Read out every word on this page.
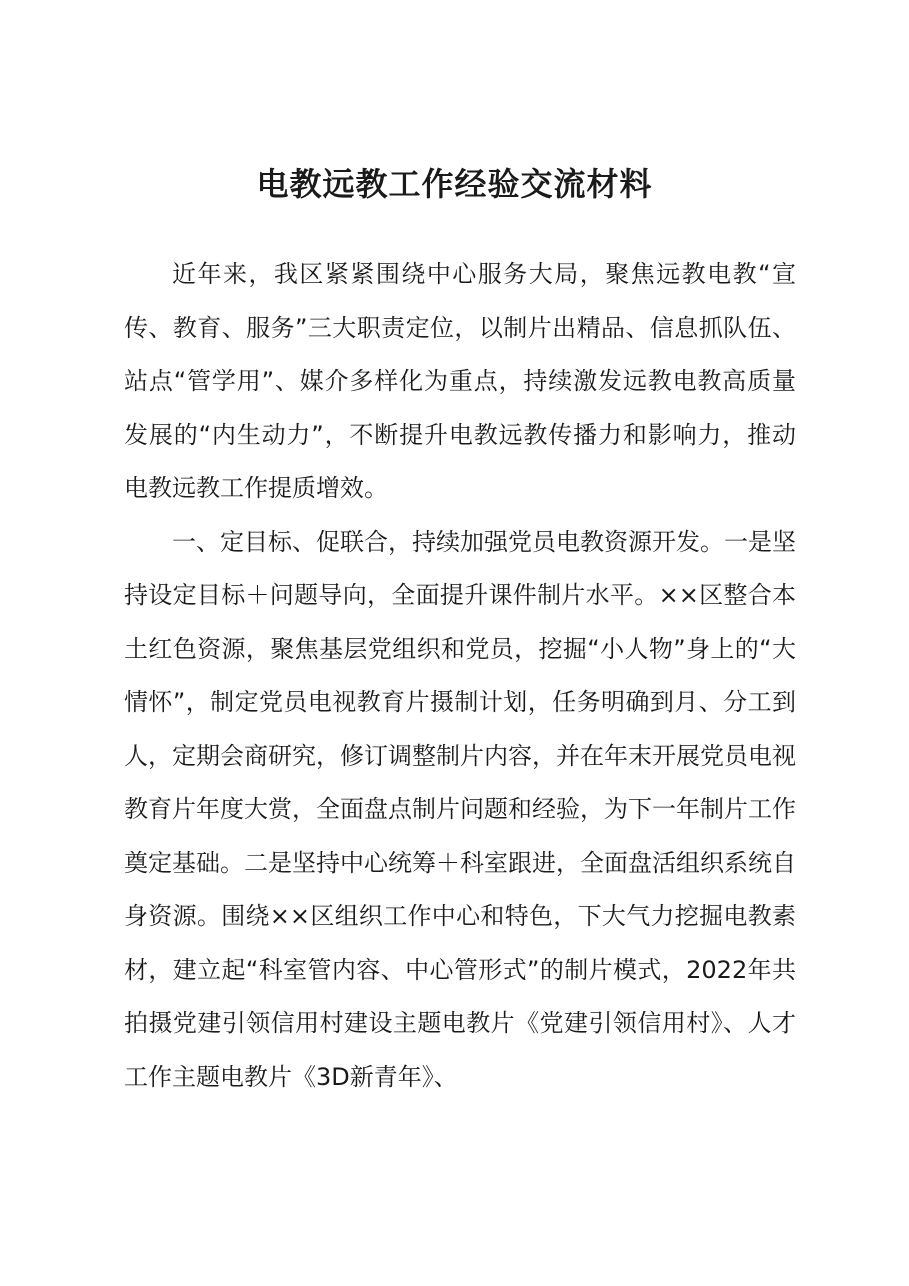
电教远教工作经验交流材料

近年来，我区紧紧围绕中心服务大局，聚焦远教电教“宣传、教育、服务”三大职责定位，以制片出精品、信息抓队伍、站点“管学用”、媒介多样化为重点，持续激发远教电教高质量发展的“内生动力”，不断提升电教远教传播力和影响力，推动电教远教工作提质增效。

一、定目标、促联合，持续加强党员电教资源开发。一是坚持设定目标＋问题导向，全面提升课件制片水平。××区整合本土红色资源，聚焦基层党组织和党员，挖掘“小人物”身上的“大情怀”，制定党员电视教育片摄制计划，任务明确到月、分工到人，定期会商研究，修订调整制片内容，并在年末开展党员电视教育片年度大赏，全面盘点制片问题和经验，为下一年制片工作奠定基础。二是坚持中心统筹＋科室跟进，全面盘活组织系统自身资源。围绕××区组织工作中心和特色，下大气力挖掘电教素材，建立起“科室管内容、中心管形式”的制片模式，2022年共拍摄党建引领信用村建设主题电教片《党建引领信用村》、人才工作主题电教片《3D新青年》、
